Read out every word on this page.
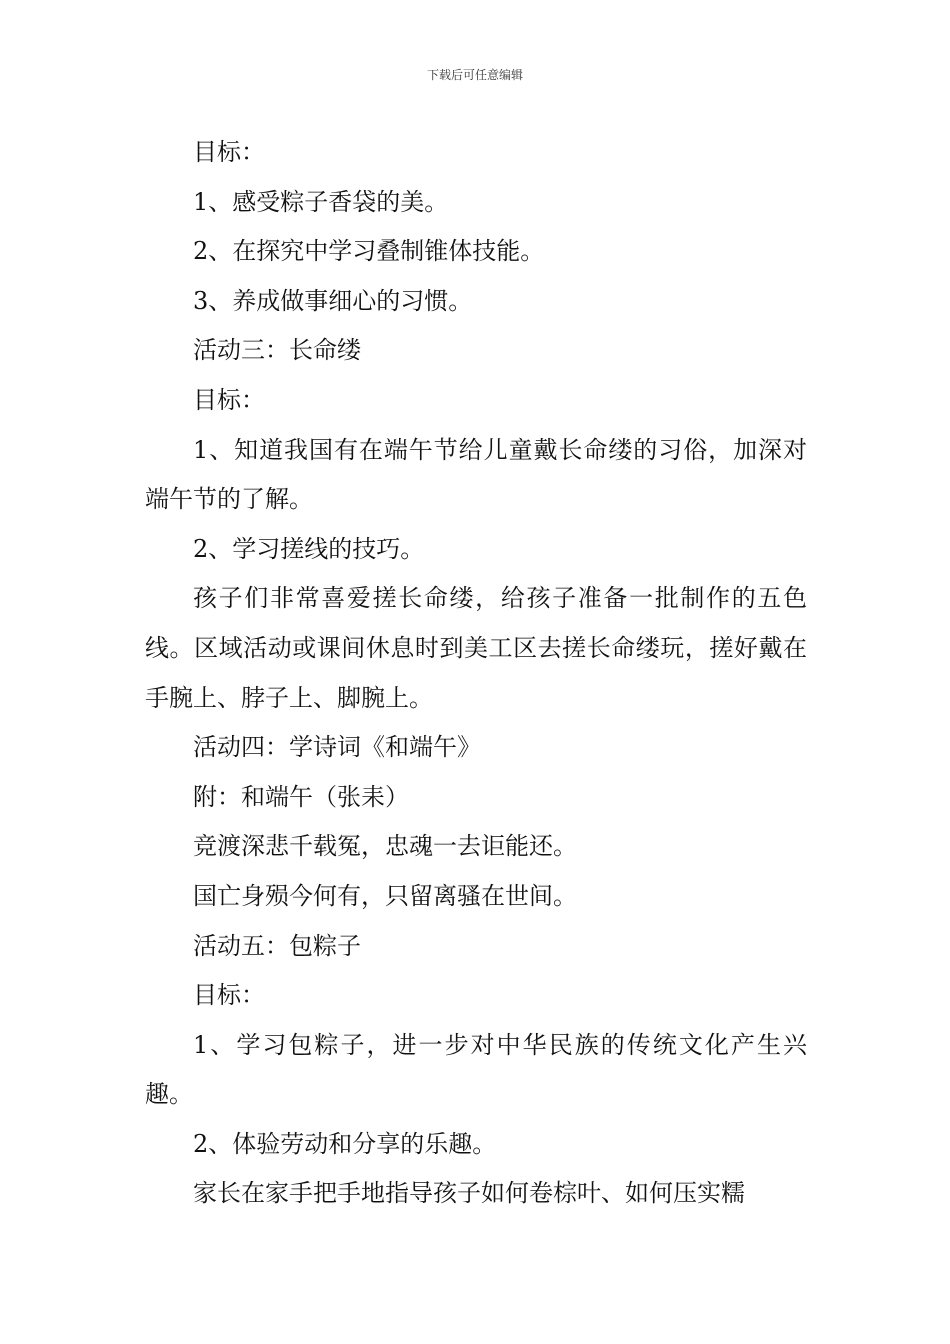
下载后可任意编辑

目标：

1、感受粽子香袋的美。

2、在探究中学习叠制锥体技能。

3、养成做事细心的习惯。

活动三：长命缕

目标：

1、知道我国有在端午节给儿童戴长命缕的习俗，加深对端午节的了解。

2、学习搓线的技巧。

孩子们非常喜爱搓长命缕，给孩子准备一批制作的五色线。区域活动或课间休息时到美工区去搓长命缕玩，搓好戴在手腕上、脖子上、脚腕上。

活动四：学诗词《和端午》

附：和端午（张耒）

竞渡深悲千载冤，忠魂一去讵能还。

国亡身殒今何有，只留离骚在世间。

活动五：包粽子

目标：

1、学习包粽子，进一步对中华民族的传统文化产生兴趣。

2、体验劳动和分享的乐趣。

家长在家手把手地指导孩子如何卷棕叶、如何压实糯
